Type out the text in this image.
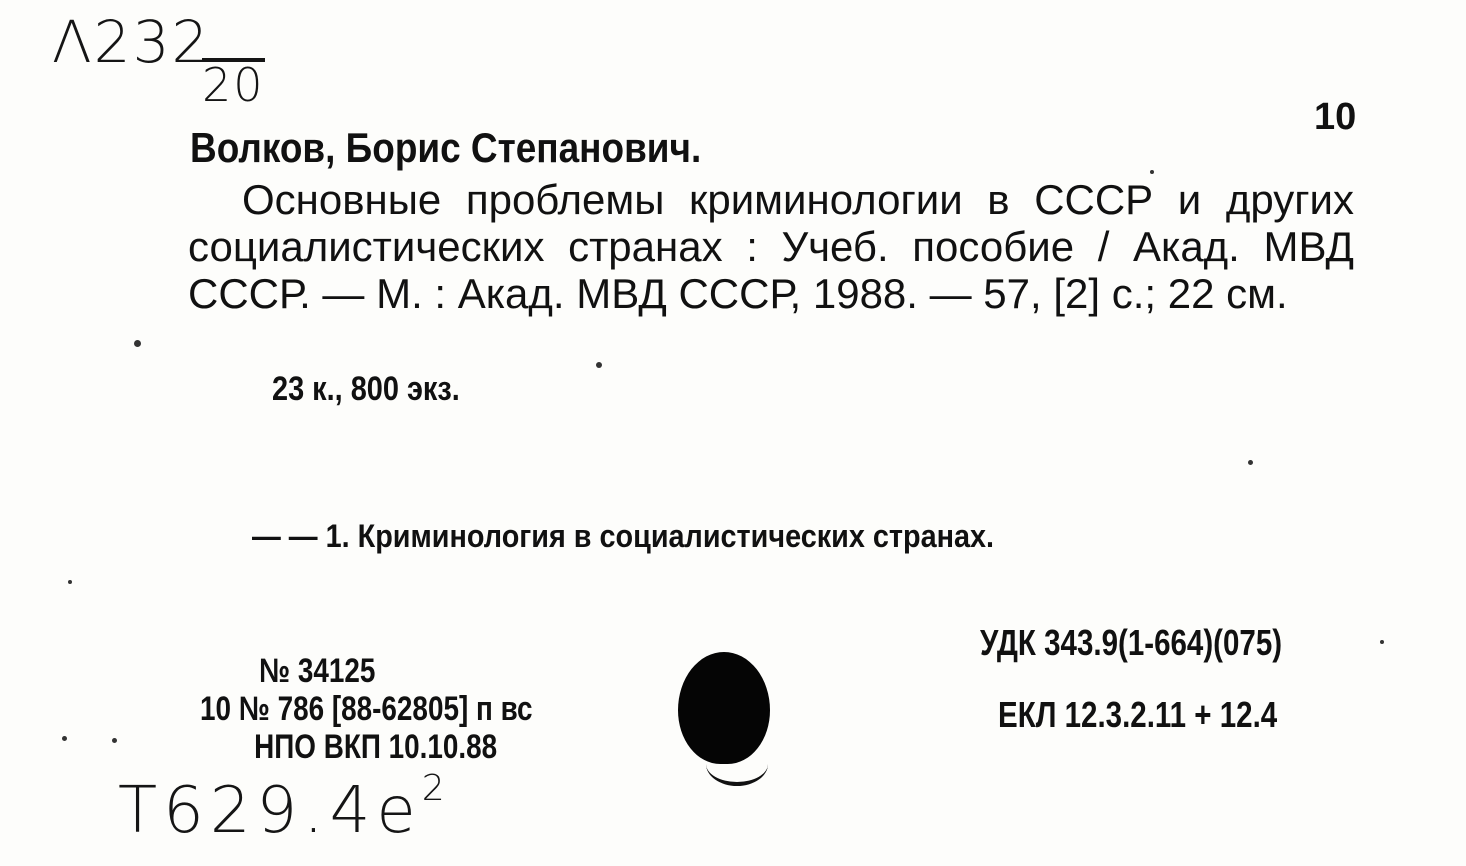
Λ232
20
10
Волков, Борис Степанович.
Основные проблемы криминологии в СССР и других социалистических странах : Учеб. пособие / Акад. МВД СССР. — М. : Акад. МВД СССР, 1988. — 57, [2] с.; 22 см.
23 к., 800 экз.
— — 1. Криминология в социалистических странах.
УДК 343.9(1-664)(075)
ЕКЛ 12.3.2.11 + 12.4
№ 34125
10 № 786 [88-62805] п вс
НПО ВКП 10.10.88
$Т629.4е^2$
